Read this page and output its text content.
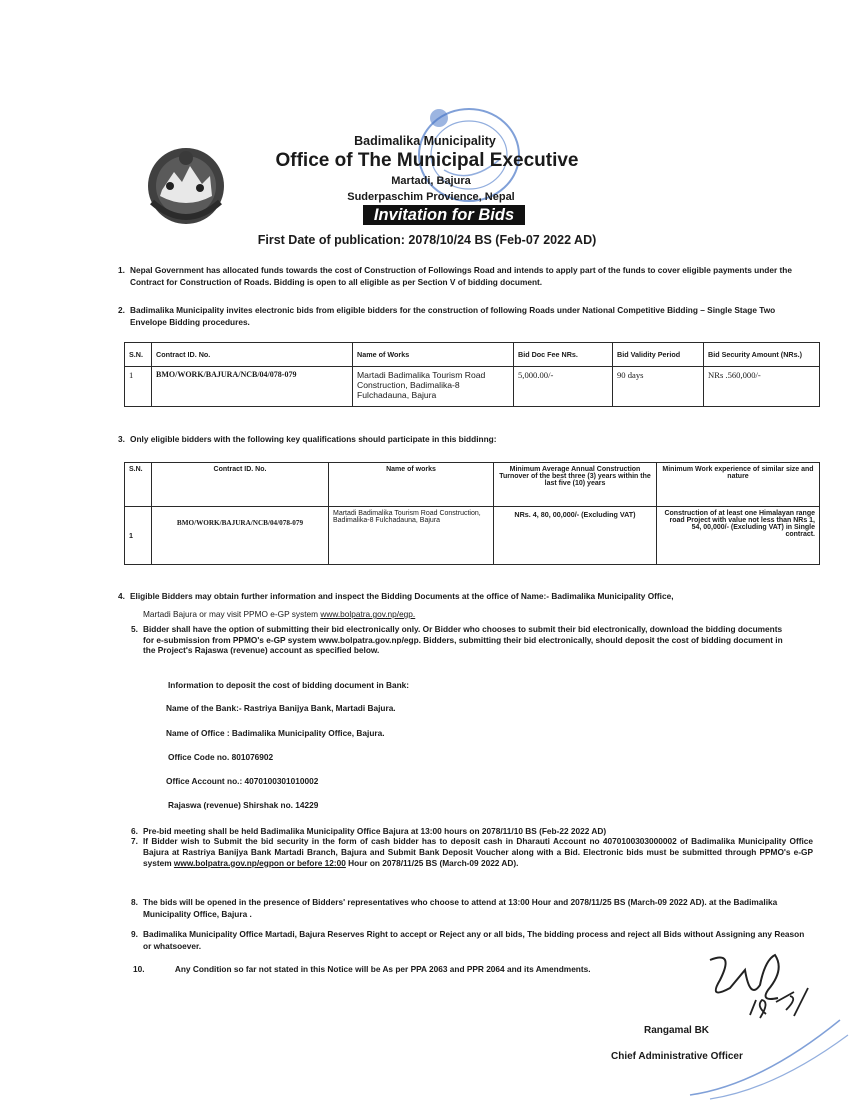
Badimalika Municipality
Office of The Municipal Executive
Martadi, Bajura
Suderpaschim Provience, Nepal
Invitation for Bids
First Date of publication: 2078/10/24 BS (Feb-07 2022 AD)
1. Nepal Government has allocated funds towards the cost of Construction of Followings Road and intends to apply part of the funds to cover eligible payments under the Contract for Construction of Roads. Bidding is open to all eligible as per Section V of bidding document.
2. Badimalika Municipality invites electronic bids from eligible bidders for the construction of following Roads under National Competitive Bidding – Single Stage Two Envelope Bidding procedures.
S.N.	Contract ID. No.	Name of Works	Bid Doc Fee NRs.	Bid Validity Period	Bid Security Amount (NRs.)
1	BMO/WORK/BAJURA/NCB/04/078-079	Martadi Badimalika Tourism Road Construction, Badimalika-8 Fulchadauna, Bajura	5,000.00/-	90 days	NRs .560,000/-
3. Only eligible bidders with the following key qualifications should participate in this biddinng:
S.N.	Contract ID. No.	Name of works	Minimum Average Annual Construction Turnover of the best three (3) years within the last five (10) years	Minimum Work experience of similar size and nature
1	BMO/WORK/BAJURA/NCB/04/078-079	Martadi Badimalika Tourism Road Construction, Badimalika-8 Fulchadauna, Bajura	NRs. 4, 80, 00,000/- (Excluding VAT)	Construction of at least one Himalayan range road Project with value not less than NRs 1, 54, 00,000/- (Excluding VAT) in Single contract.
4. Eligible Bidders may obtain further information and inspect the Bidding Documents at the office of Name:- Badimalika Municipality Office,
Martadi Bajura or may visit PPMO e-GP system www.bolpatra.gov.np/egp.
5. Bidder shall have the option of submitting their bid electronically only. Or Bidder who chooses to submit their bid electronically, download the bidding documents for e-submission from PPMO's e-GP system www.bolpatra.gov.np/egp. Bidders, submitting their bid electronically, should deposit the cost of bidding document in the Project's Rajaswa (revenue) account as specified below.
Information to deposit the cost of bidding document in Bank:
Name of the Bank:- Rastriya Banijya Bank, Martadi Bajura.
Name of Office : Badimalika Municipality Office, Bajura.
Office Code no. 801076902
Office Account no.: 4070100301010002
Rajaswa (revenue) Shirshak no. 14229
6. Pre-bid meeting shall be held Badimalika Municipality Office Bajura at 13:00 hours on 2078/11/10 BS (Feb-22 2022 AD)
7. If Bidder wish to Submit the bid security in the form of cash bidder has to deposit cash in Dharauti Account no 4070100303000002 of Badimalika Municipality Office Bajura at Rastriya Banijya Bank Martadi Branch, Bajura and Submit Bank Deposit Voucher along with a Bid. Electronic bids must be submitted through PPMO's e-GP system www.bolpatra.gov.np/egpon or before 12:00 Hour on 2078/11/25 BS (March-09 2022 AD).
8. The bids will be opened in the presence of Bidders' representatives who choose to attend at 13:00 Hour and 2078/11/25 BS (March-09 2022 AD). at the Badimalika Municipality Office, Bajura .
9. Badimalika Municipality Office Martadi, Bajura Reserves Right to accept or Reject any or all bids, The bidding process and reject all Bids without Assigning any Reason or whatsoever.
10.	Any Condition so far not stated in this Notice will be As per PPA 2063 and PPR 2064 and its Amendments.
Rangamal BK
Chief Administrative Officer
